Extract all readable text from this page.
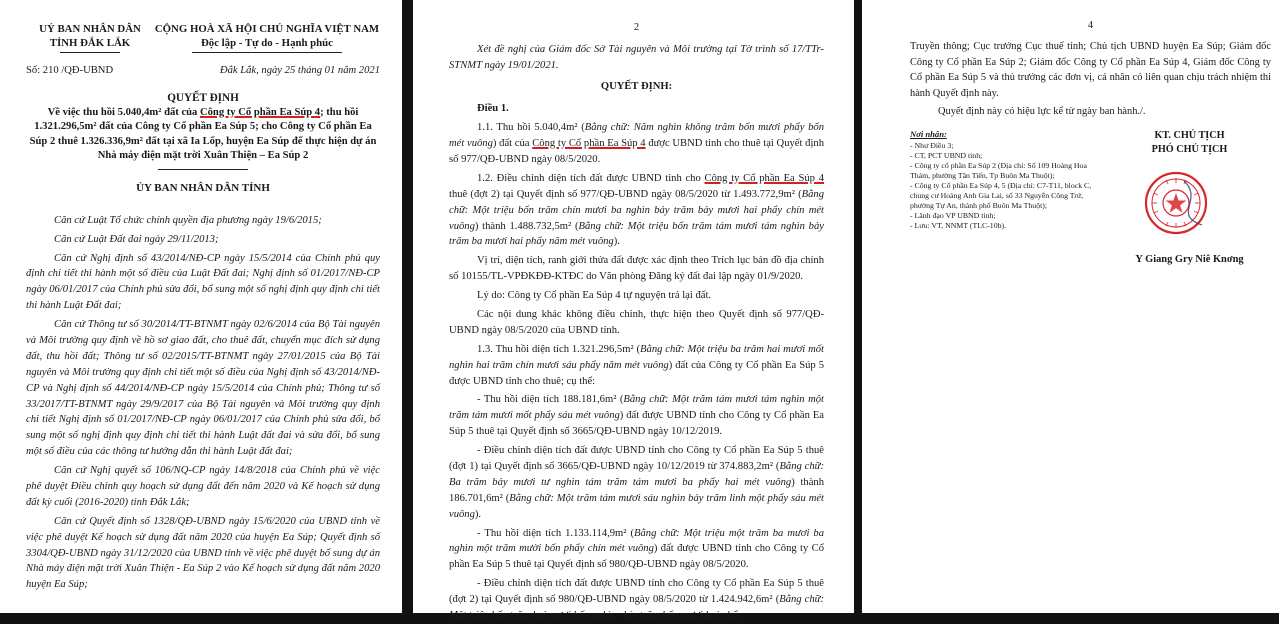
UỶ BAN NHÂN DÂN
TỈNH ĐẮK LẮK
CỘNG HOÀ XÃ HỘI CHỦ NGHĨA VIỆT NAM
Độc lập - Tự do - Hạnh phúc
Số: 210 /QĐ-UBND	Đắk Lắk, ngày 25 tháng 01 năm 2021
QUYẾT ĐỊNH
Về việc thu hồi 5.040,4m² đất của Công ty Cổ phần Ea Súp 4; thu hồi 1.321.296,5m² đất của Công ty Cổ phần Ea Súp 5; cho Công ty Cổ phần Ea Súp 2 thuê 1.326.336,9m² đất tại xã Ia Lốp, huyện Ea Súp để thực hiện dự án Nhà máy điện mặt trời Xuân Thiện – Ea Súp 2
ỦY BAN NHÂN DÂN TỈNH

Căn cứ Luật Tổ chức chính quyền địa phương ngày 19/6/2015;

Căn cứ Luật Đất đai ngày 29/11/2013;

Căn cứ Nghị định số 43/2014/NĐ-CP ngày 15/5/2014 của Chính phủ quy định chi tiết thi hành một số điều của Luật Đất đai; Nghị định số 01/2017/NĐ-CP ngày 06/01/2017 của Chính phủ sửa đổi, bổ sung một số nghị định quy định chi tiết thi hành Luật Đất đai;

Căn cứ Thông tư số 30/2014/TT-BTNMT ngày 02/6/2014 của Bộ Tài nguyên và Môi trường quy định về hồ sơ giao đất, cho thuê đất, chuyển mục đích sử dụng đất, thu hồi đất; Thông tư số 02/2015/TT-BTNMT ngày 27/01/2015 của Bộ Tài nguyên và Môi trường quy định chi tiết một số điều của Nghị định số 43/2014/NĐ-CP và Nghị định số 44/2014/NĐ-CP ngày 15/5/2014 của Chính phủ; Thông tư số 33/2017/TT-BTNMT ngày 29/9/2017 của Bộ Tài nguyên và Môi trường quy định chi tiết Nghị định số 01/2017/NĐ-CP ngày 06/01/2017 của Chính phủ sửa đổi, bổ sung một số nghị định quy định chi tiết thi hành Luật đất đai và sửa đổi, bổ sung một số điều của các thông tư hướng dẫn thi hành Luật đất đai;

Căn cứ Nghị quyết số 106/NQ-CP ngày 14/8/2018 của Chính phủ về việc phê duyệt Điều chỉnh quy hoạch sử dụng đất đến năm 2020 và Kế hoạch sử dụng đất kỳ cuối (2016-2020) tỉnh Đắk Lắk;

Căn cứ Quyết định số 1328/QĐ-UBND ngày 15/6/2020 của UBND tỉnh về việc phê duyệt Kế hoạch sử dụng đất năm 2020 của huyện Ea Súp; Quyết định số 3304/QĐ-UBND ngày 31/12/2020 của UBND tỉnh về việc phê duyệt bổ sung dự án Nhà máy điện mặt trời Xuân Thiện - Ea Súp 2 vào Kế hoạch sử dụng đất năm 2020 huyện Ea Súp;

2

Xét đề nghị của Giám đốc Sở Tài nguyên và Môi trường tại Tờ trình số 17/TTr-STNMT ngày 19/01/2021.

QUYẾT ĐỊNH:

Điều 1.

1.1. Thu hồi 5.040,4m² (Bằng chữ: Năm nghìn không trăm bốn mươi phẩy bốn mét vuông) đất của Công ty Cổ phần Ea Súp 4 được UBND tỉnh cho thuê tại Quyết định số 977/QĐ-UBND ngày 08/5/2020.

1.2. Điều chỉnh diện tích đất được UBND tỉnh cho Công ty Cổ phần Ea Súp 4 thuê (đợt 2) tại Quyết định số 977/QĐ-UBND ngày 08/5/2020 từ 1.493.772,9m² (Bằng chữ: Một triệu bốn trăm chín mươi ba nghìn bảy trăm bảy mươi hai phẩy chín mét vuông) thành 1.488.732,5m² (Bằng chữ: Một triệu bốn trăm tám mươi tám nghìn bảy trăm ba mươi hai phẩy năm mét vuông).

Vị trí, diện tích, ranh giới thửa đất được xác định theo Trích lục bản đồ địa chính số 10155/TL-VPĐKĐĐ-KTĐC do Văn phòng Đăng ký đất đai lập ngày 01/9/2020.

Lý do: Công ty Cổ phần Ea Súp 4 tự nguyện trả lại đất.

Các nội dung khác không điều chỉnh, thực hiện theo Quyết định số 977/QĐ-UBND ngày 08/5/2020 của UBND tỉnh.

1.3. Thu hồi diện tích 1.321.296,5m² (Bằng chữ: Một triệu ba trăm hai mươi mốt nghìn hai trăm chín mươi sáu phẩy năm mét vuông) đất của Công ty Cổ phần Ea Súp 5 được UBND tỉnh cho thuê; cụ thể:

- Thu hồi diện tích 188.181,6m² (Bằng chữ: Một trăm tám mươi tám nghìn một trăm tám mươi mốt phẩy sáu mét vuông) đất được UBND tỉnh cho Công ty Cổ phần Ea Súp 5 thuê tại Quyết định số 3665/QĐ-UBND ngày 10/12/2019.

- Điều chỉnh diện tích đất được UBND tỉnh cho Công ty Cổ phần Ea Súp 5 thuê (đợt 1) tại Quyết định số 3665/QĐ-UBND ngày 10/12/2019 từ 374.883,2m² (Bằng chữ: Ba trăm bảy mươi tư nghìn tám trăm tám mươi ba phẩy hai mét vuông) thành 186.701,6m² (Bằng chữ: Một trăm tám mươi sáu nghìn bảy trăm linh một phẩy sáu mét vuông).

- Thu hồi diện tích 1.133.114,9m² (Bằng chữ: Một triệu một trăm ba mươi ba nghìn một trăm mười bốn phẩy chín mét vuông) đất được UBND tỉnh cho Công ty Cổ phần Ea Súp 5 thuê tại Quyết định số 980/QĐ-UBND ngày 08/5/2020.

- Điều chỉnh diện tích đất được UBND tỉnh cho Công ty Cổ phần Ea Súp 5 thuê (đợt 2) tại Quyết định số 980/QĐ-UBND ngày 08/5/2020 từ 1.424.942,6m² (Bằng chữ: Một triệu bốn trăm hai mươi bốn nghìn chín trăm bốn mươi hai phẩy

4

Truyền thông; Cục trưởng Cục thuế tỉnh; Chủ tịch UBND huyện Ea Súp; Giám đốc Công ty Cổ phần Ea Súp 2; Giám đốc Công ty Cổ phần Ea Súp 4, Giám đốc Công ty Cổ phần Ea Súp 5 và thủ trưởng các đơn vị, cá nhân có liên quan chịu trách nhiệm thi hành Quyết định này.

Quyết định này có hiệu lực kể từ ngày ban hành./.

Nơi nhận:
- Như Điều 3;
- CT, PCT UBND tỉnh;
- Công ty cổ phần Ea Súp 2 (Địa chỉ: Số 109 Hoàng Hoa Thám, phường Tân Tiến, Tp Buôn Ma Thuột);
- Công ty Cổ phần Ea Súp 4, 5 (Địa chỉ: C7-T11, block C, chung cư Hoàng Anh Gia Lai, số 33 Nguyễn Công Trứ, phường Tự An, thành phố Buôn Ma Thuột);
- Lãnh đạo VP UBND tỉnh;
- Lưu: VT, NNMT (TLC-10b).
KT. CHỦ TỊCH
PHÓ CHỦ TỊCH
Y Giang Gry Niê Knơng
